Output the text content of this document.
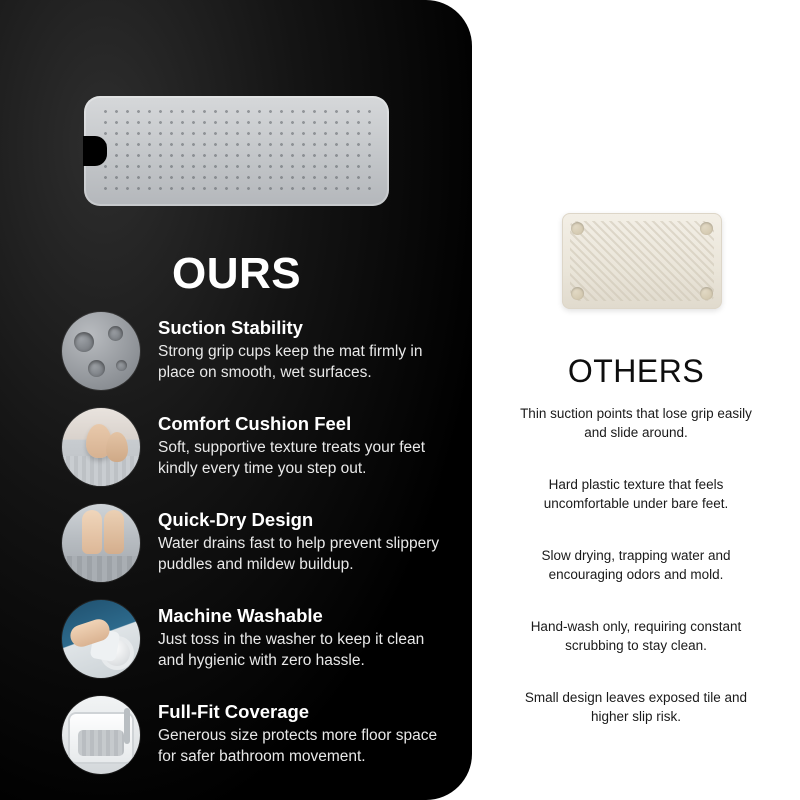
OURS
Suction Stability
Strong grip cups keep the mat firmly in place on smooth, wet surfaces.
Comfort Cushion Feel
Soft, supportive texture treats your feet kindly every time you step out.
Quick-Dry Design
Water drains fast to help prevent slippery puddles and mildew buildup.
Machine Washable
Just toss in the washer to keep it clean and hygienic with zero hassle.
Full-Fit Coverage
Generous size protects more floor space for safer bathroom movement.
OTHERS
Thin suction points that lose grip easily and slide around.
Hard plastic texture that feels uncomfortable under bare feet.
Slow drying, trapping water and encouraging odors and mold.
Hand-wash only, requiring constant scrubbing to stay clean.
Small design leaves exposed tile and higher slip risk.
